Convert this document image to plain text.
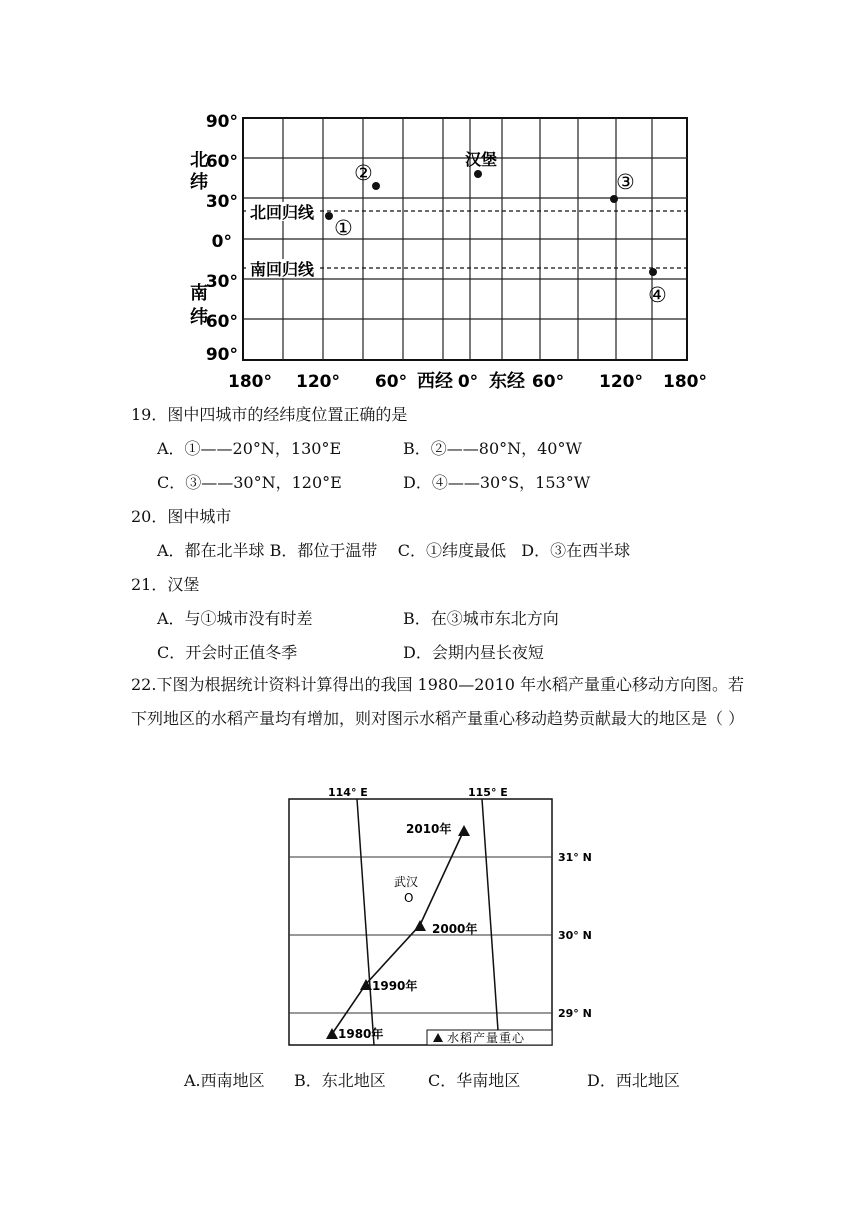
90°
60°
30°
0°
30°
60°
90°
北
纬
南
纬
北回归线
南回归线
①
②
汉堡
③
④
180° 120° 60° 西经 0° 东经 60° 120° 180°
19．图中四城市的经纬度位置正确的是
A．①——20°N，130°E	B．②——80°N，40°W
C．③——30°N，120°E	D．④——30°S，153°W
20．图中城市
A．都在北半球 B．都位于温带    C．①纬度最低   D．③在西半球
21．汉堡
A．与①城市没有时差	B．在③城市东北方向
C．开会时正值冬季	D．会期内昼长夜短
22.下图为根据统计资料计算得出的我国 1980—2010 年水稻产量重心移动方向图。若下列地区的水稻产量均有增加，则对图示水稻产量重心移动趋势贡献最大的地区是（ ）
114° E	115° E
31° N
30° N
29° N
武汉
O
1980年
1990年
2000年
2010年
水稻产量重心
A.西南地区 B．东北地区	C．华南地区	D．西北地区
